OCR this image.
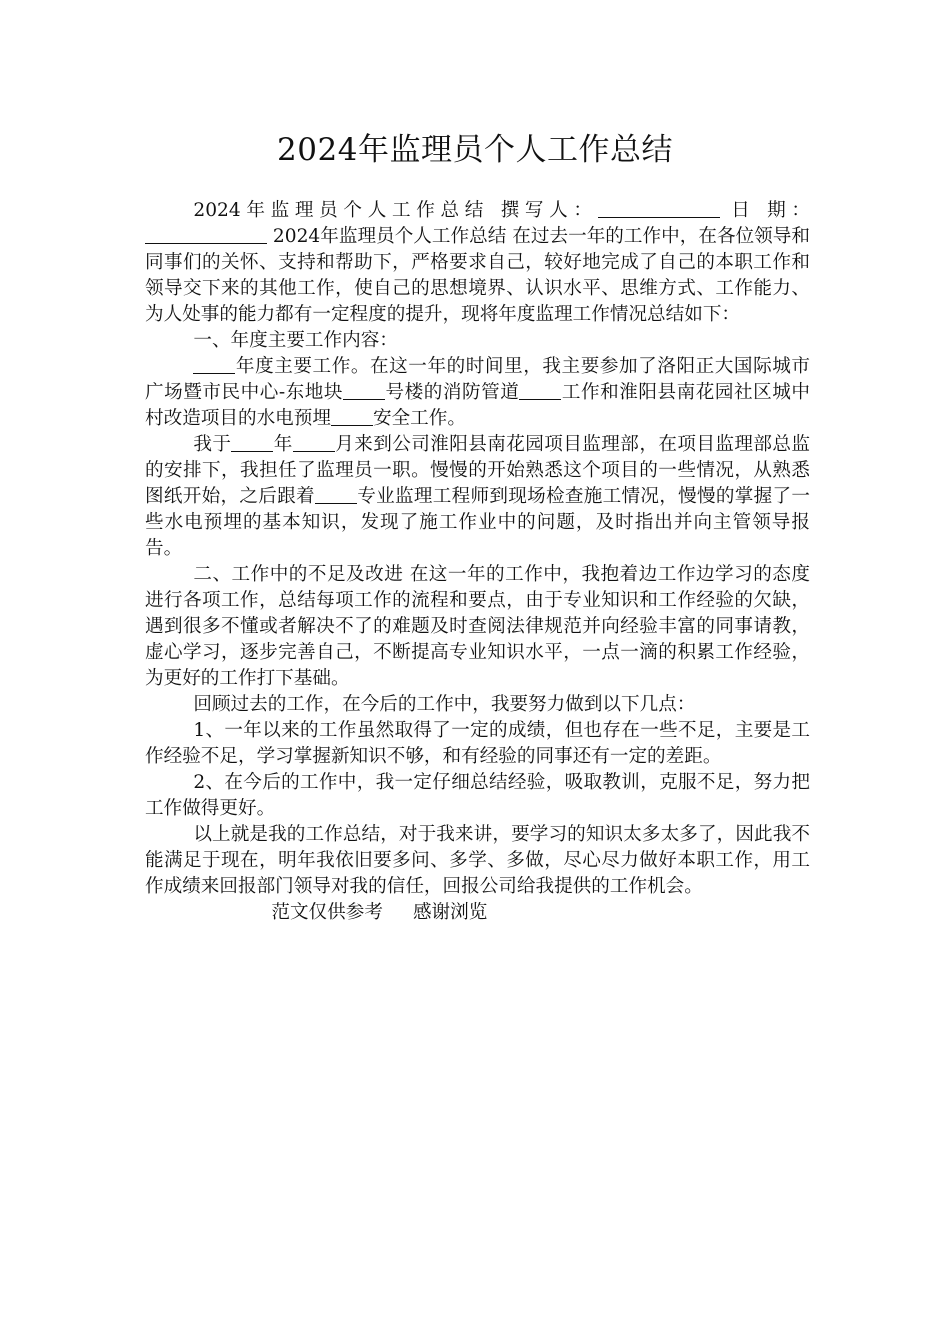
2024年监理员个人工作总结

2024年监理员个人工作总结 撰写人：	日 期： 2024年监理员个人工作总结 在过去一年的工作中，在各位领导和同事们的关怀、支持和帮助下，严格要求自己，较好地完成了自己的本职工作和领导交下来的其他工作，使自己的思想境界、认识水平、思维方式、工作能力、为人处事的能力都有一定程度的提升，现将年度监理工作情况总结如下：

一、年度主要工作内容：

年度主要工作。在这一年的时间里，我主要参加了洛阳正大国际城市广场暨市民中心-东地块 号楼的消防管道 工作和淮阳县南花园社区城中村改造项目的水电预埋 安全工作。

我于 年 月来到公司淮阳县南花园项目监理部，在项目监理部总监的安排下，我担任了监理员一职。慢慢的开始熟悉这个项目的一些情况，从熟悉图纸开始，之后跟着 专业监理工程师到现场检查施工情况，慢慢的掌握了一些水电预埋的基本知识，发现了施工作业中的问题，及时指出并向主管领导报告。

二、工作中的不足及改进 在这一年的工作中，我抱着边工作边学习的态度进行各项工作，总结每项工作的流程和要点，由于专业知识和工作经验的欠缺，遇到很多不懂或者解决不了的难题及时查阅法律规范并向经验丰富的同事请教，虚心学习，逐步完善自己，不断提高专业知识水平，一点一滴的积累工作经验，为更好的工作打下基础。

回顾过去的工作，在今后的工作中，我要努力做到以下几点：

1、一年以来的工作虽然取得了一定的成绩，但也存在一些不足，主要是工作经验不足，学习掌握新知识不够，和有经验的同事还有一定的差距。

2、在今后的工作中，我一定仔细总结经验，吸取教训，克服不足，努力把工作做得更好。

以上就是我的工作总结，对于我来讲，要学习的知识太多太多了，因此我不能满足于现在，明年我依旧要多问、多学、多做，尽心尽力做好本职工作，用工作成绩来回报部门领导对我的信任，回报公司给我提供的工作机会。

范文仅供参考 感谢浏览
